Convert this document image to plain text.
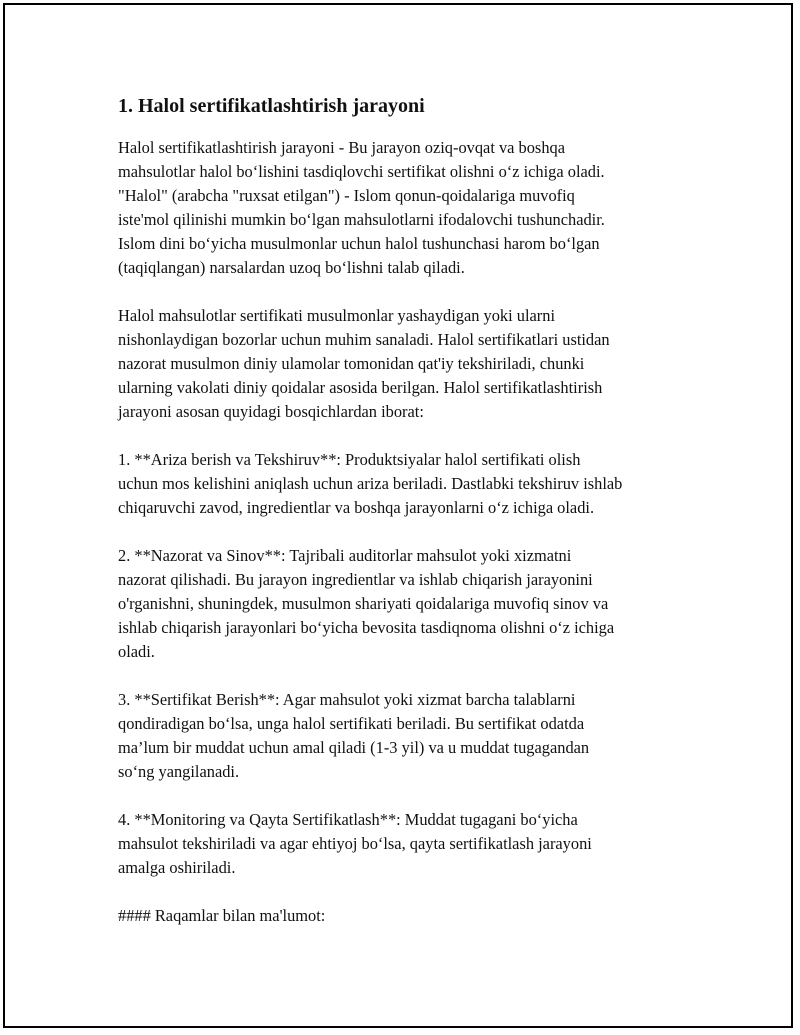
1. Halol sertifikatlashtirish jarayoni

Halol sertifikatlashtirish jarayoni - Bu jarayon oziq-ovqat va boshqa
mahsulotlar halol bo‘lishini tasdiqlovchi sertifikat olishni o‘z ichiga oladi.
"Halol" (arabcha "ruxsat etilgan") - Islom qonun-qoidalariga muvofiq
iste'mol qilinishi mumkin bo‘lgan mahsulotlarni ifodalovchi tushunchadir.
Islom dini bo‘yicha musulmonlar uchun halol tushunchasi harom bo‘lgan
(taqiqlangan) narsalardan uzoq bo‘lishni talab qiladi.

Halol mahsulotlar sertifikati musulmonlar yashaydigan yoki ularni
nishonlaydigan bozorlar uchun muhim sanaladi. Halol sertifikatlari ustidan
nazorat musulmon diniy ulamolar tomonidan qat'iy tekshiriladi, chunki
ularning vakolati diniy qoidalar asosida berilgan. Halol sertifikatlashtirish
jarayoni asosan quyidagi bosqichlardan iborat:

1. **Ariza berish va Tekshiruv**: Produktsiyalar halol sertifikati olish
uchun mos kelishini aniqlash uchun ariza beriladi. Dastlabki tekshiruv ishlab
chiqaruvchi zavod, ingredientlar va boshqa jarayonlarni o‘z ichiga oladi.

2. **Nazorat va Sinov**: Tajribali auditorlar mahsulot yoki xizmatni
nazorat qilishadi. Bu jarayon ingredientlar va ishlab chiqarish jarayonini
o'rganishni, shuningdek, musulmon shariyati qoidalariga muvofiq sinov va
ishlab chiqarish jarayonlari bo‘yicha bevosita tasdiqnoma olishni o‘z ichiga
oladi.

3. **Sertifikat Berish**: Agar mahsulot yoki xizmat barcha talablarni
qondiradigan bo‘lsa, unga halol sertifikati beriladi. Bu sertifikat odatda
ma’lum bir muddat uchun amal qiladi (1-3 yil) va u muddat tugagandan
so‘ng yangilanadi.

4. **Monitoring va Qayta Sertifikatlash**: Muddat tugagani bo‘yicha
mahsulot tekshiriladi va agar ehtiyoj bo‘lsa, qayta sertifikatlash jarayoni
amalga oshiriladi.

#### Raqamlar bilan ma'lumot:
